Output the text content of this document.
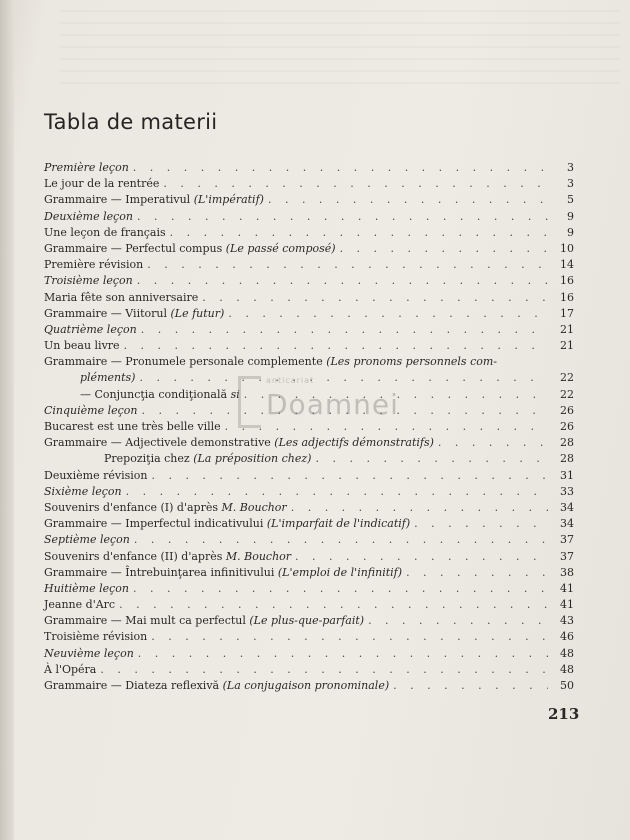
Tabla de materii
Première leçon . . .	3
Le jour de la rentrée . . .	3
Grammaire — Imperativul (L'impératif) . . .	5
Deuxième leçon . . .	9
Une leçon de français . . .	9
Grammaire — Perfectul compus (Le passé composé) . . .	10
Première révision . . .	14
Troisième leçon . . .	16
Maria fête son anniversaire . . .	16
Grammaire — Viitorul (Le futur) . . .	17
Quatrième leçon . . .	21
Un beau livre . . .	21
Grammaire — Pronumele personale complemente (Les pronoms personnels com-
pléments) . . .	22
— Conjuncţia condiţională si . . .	22
Cinquième leçon . . .	26
Bucarest est une très belle ville . . .	26
Grammaire — Adjectivele demonstrative (Les adjectifs démonstratifs) . . .	28
Prepoziţia chez (La préposition chez) . . .	28
Deuxième révision . . .	31
Sixième leçon . . .	33
Souvenirs d'enfance (I) d'après M. Bouchor . . .	34
Grammaire — Imperfectul indicativului (L'imparfait de l'indicatif) . . .	34
Septième leçon . . .	37
Souvenirs d'enfance (II) d'après M. Bouchor . . .	37
Grammaire — Întrebuinţarea infinitivului (L'emploi de l'infinitif) . . .	38
Huitième leçon . . .	41
Jeanne d'Arc . . .	41
Grammaire — Mai mult ca perfectul (Le plus-que-parfait) . . .	43
Troisième révision . . .	46
Neuvième leçon . . .	48
À l'Opéra . . .	48
Grammaire — Diateza reflexivă (La conjugaison pronominale) . . .	50
anticariat
Doamnei
213
